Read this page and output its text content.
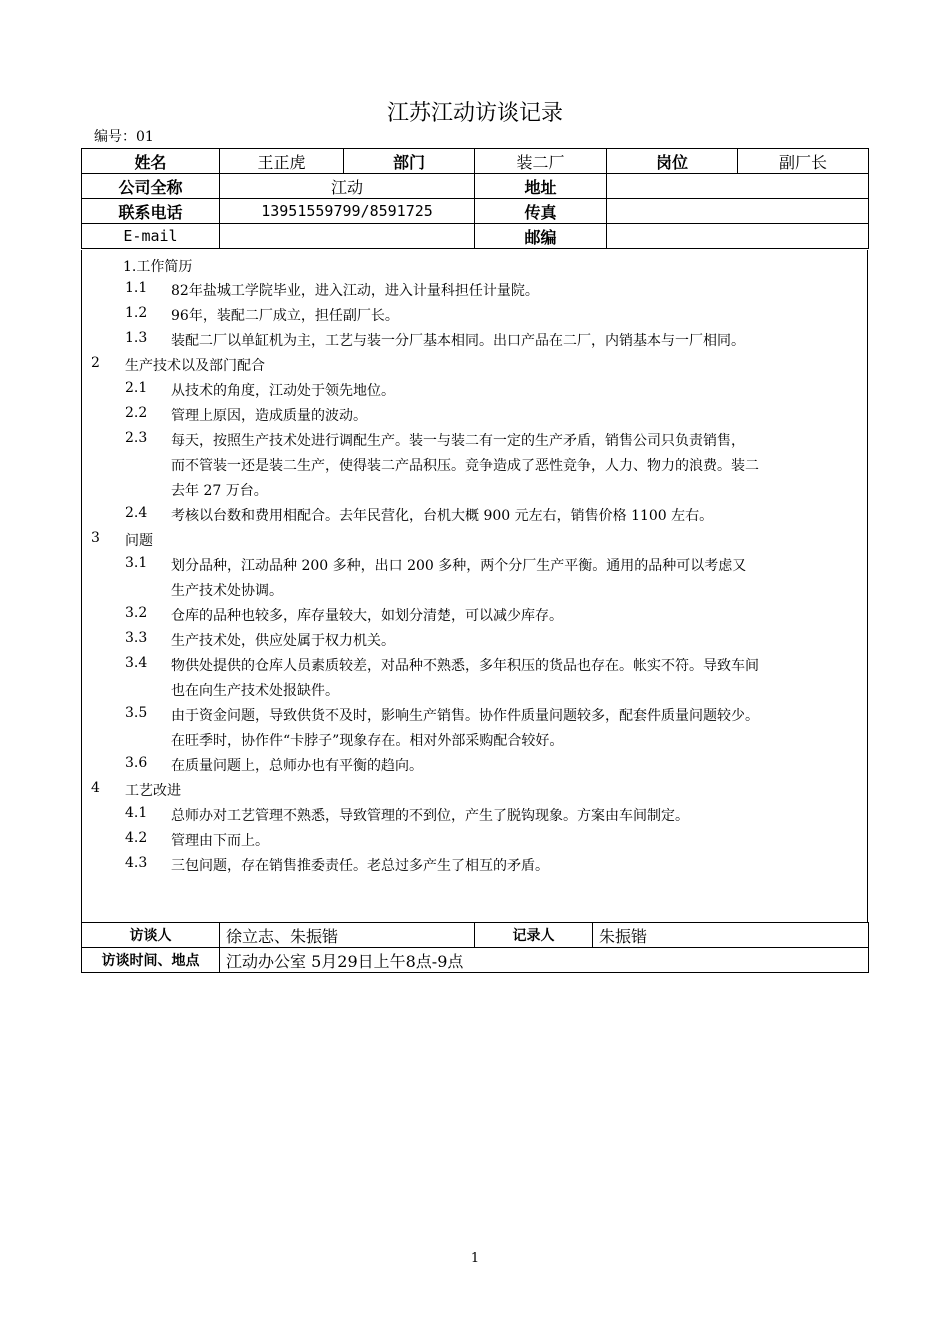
江苏江动访谈记录
编号：01
姓名	王正虎	部门	装二厂	岗位	副厂长
公司全称	江动		地址		
联系电话	13951559799/8591725		传真		
E-mail			邮编		
1.工作简历
1.1 82年盐城工学院毕业，进入江动，进入计量科担任计量院。
1.2 96年，装配二厂成立，担任副厂长。
1.3 装配二厂以单缸机为主，工艺与装一分厂基本相同。出口产品在二厂，内销基本与一厂相同。
2 生产技术以及部门配合
2.1 从技术的角度，江动处于领先地位。
2.2 管理上原因，造成质量的波动。
2.3 每天，按照生产技术处进行调配生产。装一与装二有一定的生产矛盾，销售公司只负责销售，
而不管装一还是装二生产，使得装二产品积压。竞争造成了恶性竞争，人力、物力的浪费。装二
去年 27 万台。
2.4 考核以台数和费用相配合。去年民营化，台机大概 900 元左右，销售价格 1100 左右。
3 问题
3.1 划分品种，江动品种 200 多种，出口 200 多种，两个分厂生产平衡。通用的品种可以考虑又
生产技术处协调。
3.2 仓库的品种也较多，库存量较大，如划分清楚，可以减少库存。
3.3 生产技术处，供应处属于权力机关。
3.4 物供处提供的仓库人员素质较差，对品种不熟悉，多年积压的货品也存在。帐实不符。导致车间
也在向生产技术处报缺件。
3.5 由于资金问题，导致供货不及时，影响生产销售。协作件质量问题较多，配套件质量问题较少。
在旺季时，协作件“卡脖子”现象存在。相对外部采购配合较好。
3.6 在质量问题上，总师办也有平衡的趋向。
4 工艺改进
4.1 总师办对工艺管理不熟悉，导致管理的不到位，产生了脱钩现象。方案由车间制定。
4.2 管理由下而上。
4.3 三包问题，存在销售推委责任。老总过多产生了相互的矛盾。
访谈人	徐立志、朱振锴	记录人	朱振锴
访谈时间、地点	江动办公室 5月29日上午8点-9点		
1
